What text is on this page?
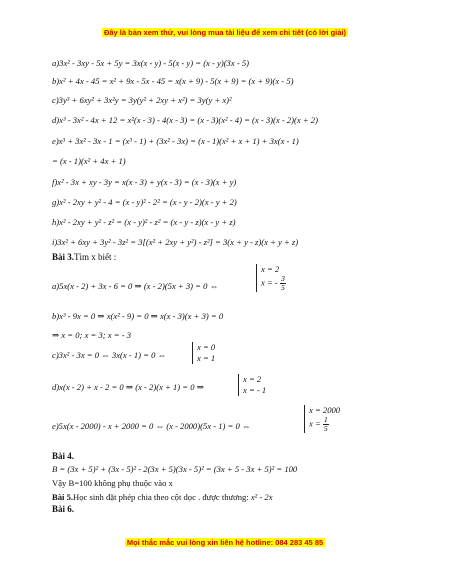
Đây là bản xem thử, vui lòng mua tài liệu để xem chi tiết (có lời giải)
a)3x² - 3xy - 5x + 5y = 3x(x - y) - 5(x - y) = (x - y)(3x - 5)
b)x² + 4x - 45 = x² + 9x - 5x - 45 = x(x + 9) - 5(x + 9) = (x + 9)(x - 5)
c)3y³ + 6xy² + 3x²y = 3y(y² + 2xy + x²) = 3y(y + x)²
d)x³ - 3x² - 4x + 12 = x²(x - 3) - 4(x - 3) = (x - 3)(x² - 4) = (x - 3)(x - 2)(x + 2)
e)x³ + 3x² - 3x - 1 = (x³ - 1) + (3x² - 3x) = (x - 1)(x² + x + 1) + 3x(x - 1)
= (x - 1)(x² + 4x + 1)
f)x² - 3x + xy - 3y = x(x - 3) + y(x - 3) = (x - 3)(x + y)
g)x² - 2xy + y² - 4 = (x - y)² - 2² = (x - y - 2)(x - y + 2)
h)x² - 2xy + y² - z² = (x - y)² - z² = (x - y - z)(x - y + z)
i)3x² + 6xy + 3y² - 3z² = 3[(x² + 2xy + y²) - z²] = 3(x + y - z)(x + y + z)
Bài 3.Tìm x biết :
a)5x(x - 2) + 3x - 6 = 0 ⇒ (x - 2)(5x + 3) = 0 ⇔
x = 2
x = - $\frac{3}{5}$
b)x³ - 9x = 0 ⇒ x(x² - 9) = 0 ⇒ x(x - 3)(x + 3) = 0
⇒ x = 0; x = 3; x = - 3
c)3x² - 3x = 0 ⇔ 3x(x - 1) = 0 ⇔
x = 0
x = 1
d)x(x - 2) + x - 2 = 0 ⇒ (x - 2)(x + 1) = 0 ⇒
x = 2
x = - 1
e)5x(x - 2000) - x + 2000 = 0 ⇔ (x - 2000)(5x - 1) = 0 ⇔
x = 2000
$x = \frac{1}{5}$
Bài 4.
B = (3x + 5)² + (3x - 5)² - 2(3x + 5)(3x - 5)² = (3x + 5 - 3x + 5)² = 100
Vậy B=100 không phụ thuộc vào x
Bài 5.Học sinh đặt phép chia theo cột dọc . được thương: x² - 2x
Bài 6.
Mọi thắc mắc vui lòng xin liên hệ hotline: 084 283 45 85
